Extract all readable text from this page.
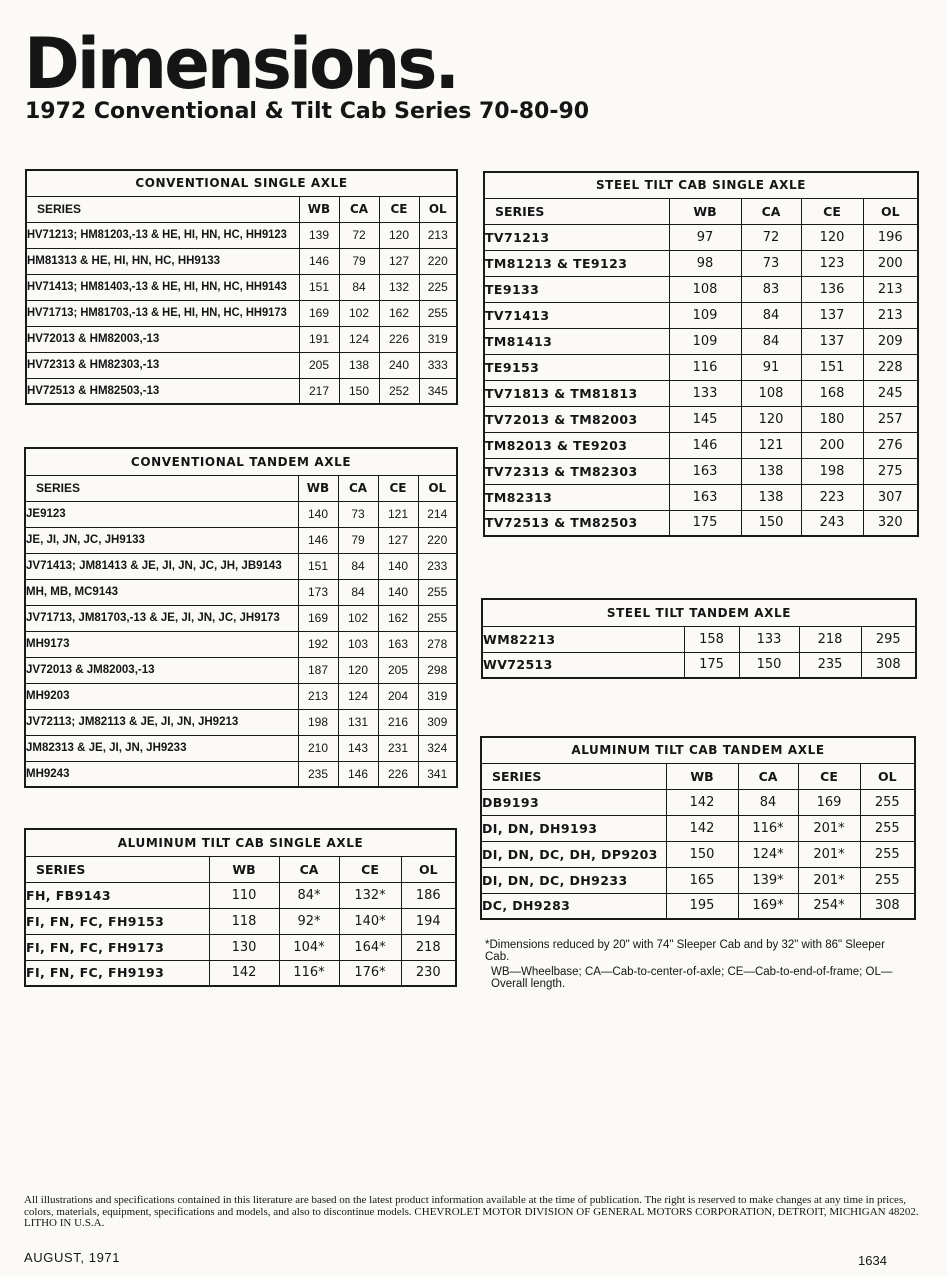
Dimensions.
1972 Conventional & Tilt Cab Series 70-80-90
CONVENTIONAL SINGLE AXLE				
SERIES	WB	CA	CE	OL
HV71213; HM81203,-13 & HE, HI, HN, HC, HH9123	139	72	120	213
HM81313 & HE, HI, HN, HC, HH9133	146	79	127	220
HV71413; HM81403,-13 & HE, HI, HN, HC, HH9143	151	84	132	225
HV71713; HM81703,-13 & HE, HI, HN, HC, HH9173	169	102	162	255
HV72013 & HM82003,-13	191	124	226	319
HV72313 & HM82303,-13	205	138	240	333
HV72513 & HM82503,-13	217	150	252	345
CONVENTIONAL TANDEM AXLE				
SERIES	WB	CA	CE	OL
JE9123	140	73	121	214
JE, JI, JN, JC, JH9133	146	79	127	220
JV71413; JM81413 & JE, JI, JN, JC, JH, JB9143	151	84	140	233
MH, MB, MC9143	173	84	140	255
JV71713, JM81703,-13 & JE, JI, JN, JC, JH9173	169	102	162	255
MH9173	192	103	163	278
JV72013 & JM82003,-13	187	120	205	298
MH9203	213	124	204	319
JV72113; JM82113 & JE, JI, JN, JH9213	198	131	216	309
JM82313 & JE, JI, JN, JH9233	210	143	231	324
MH9243	235	146	226	341
ALUMINUM TILT CAB SINGLE AXLE				
SERIES	WB	CA	CE	OL
FH, FB9143	110	84*	132*	186
FI, FN, FC, FH9153	118	92*	140*	194
FI, FN, FC, FH9173	130	104*	164*	218
FI, FN, FC, FH9193	142	116*	176*	230
STEEL TILT CAB SINGLE AXLE				
SERIES	WB	CA	CE	OL
TV71213	97	72	120	196
TM81213 & TE9123	98	73	123	200
TE9133	108	83	136	213
TV71413	109	84	137	213
TM81413	109	84	137	209
TE9153	116	91	151	228
TV71813 & TM81813	133	108	168	245
TV72013 & TM82003	145	120	180	257
TM82013 & TE9203	146	121	200	276
TV72313 & TM82303	163	138	198	275
TM82313	163	138	223	307
TV72513 & TM82503	175	150	243	320
STEEL TILT TANDEM AXLE				
WM82213	158	133	218	295
WV72513	175	150	235	308
ALUMINUM TILT CAB TANDEM AXLE				
SERIES	WB	CA	CE	OL
DB9193	142	84	169	255
DI, DN, DH9193	142	116*	201*	255
DI, DN, DC, DH, DP9203	150	124*	201*	255
DI, DN, DC, DH9233	165	139*	201*	255
DC, DH9283	195	169*	254*	308
*Dimensions reduced by 20" with 74" Sleeper Cab and by 32" with 86" Sleeper Cab.
WB—Wheelbase; CA—Cab-to-center-of-axle; CE—Cab-to-end-of-frame; OL—Overall length.
All illustrations and specifications contained in this literature are based on the latest product information available at the time of publication. The right is reserved to make changes at any time in prices, colors, materials, equipment, specifications and models, and also to discontinue models. CHEVROLET MOTOR DIVISION OF GENERAL MOTORS CORPORATION, DETROIT, MICHIGAN 48202. LITHO IN U.S.A.
AUGUST, 1971	1634
